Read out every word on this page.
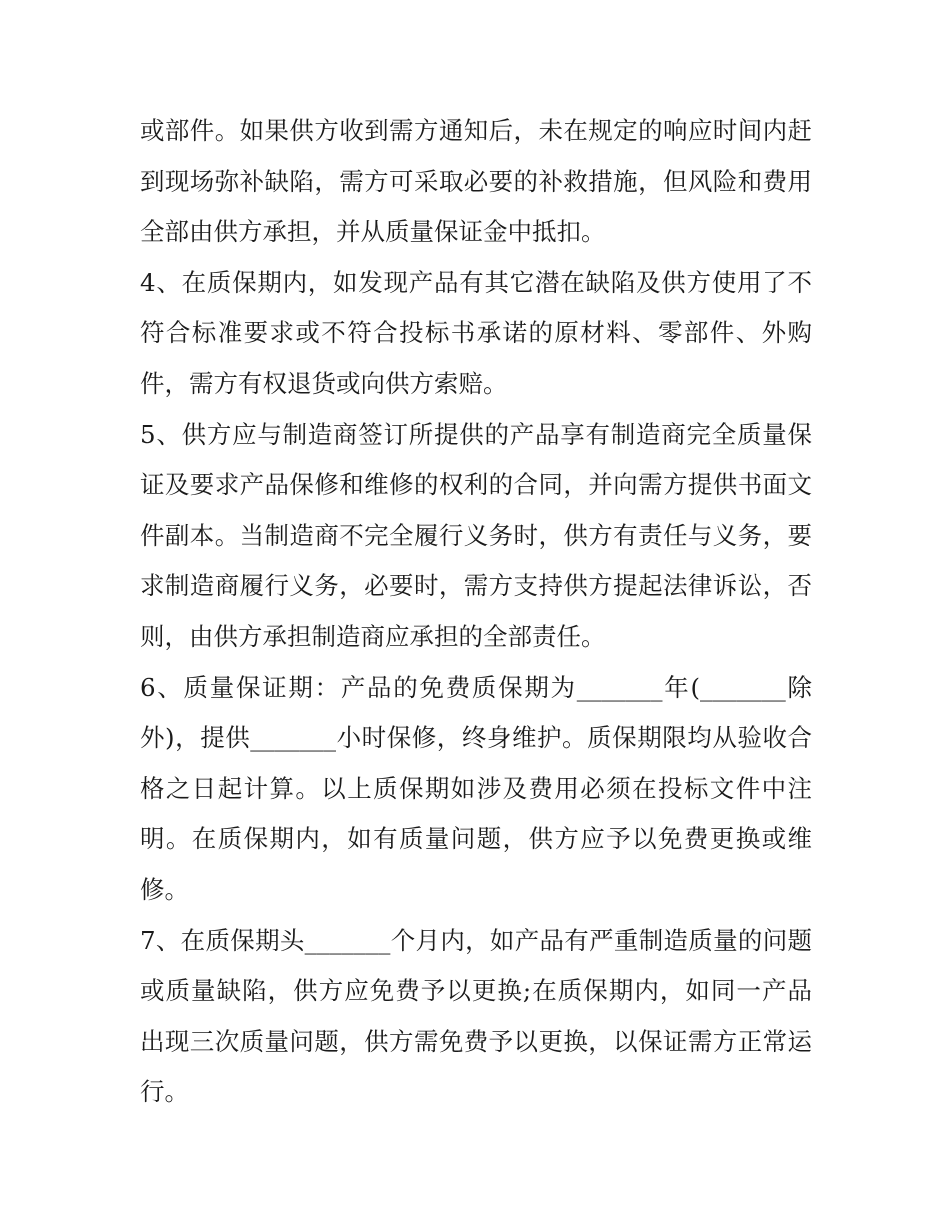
或部件。如果供方收到需方通知后，未在规定的响应时间内赶
到现场弥补缺陷，需方可采取必要的补救措施，但风险和费用
全部由供方承担，并从质量保证金中抵扣。
4、在质保期内，如发现产品有其它潜在缺陷及供方使用了不
符合标准要求或不符合投标书承诺的原材料、零部件、外购
件，需方有权退货或向供方索赔。
5、供方应与制造商签订所提供的产品享有制造商完全质量保
证及要求产品保修和维修的权利的合同，并向需方提供书面文
件副本。当制造商不完全履行义务时，供方有责任与义务，要
求制造商履行义务，必要时，需方支持供方提起法律诉讼，否
则，由供方承担制造商应承担的全部责任。
6、质量保证期：产品的免费质保期为_______年(_______除
外)，提供_______小时保修，终身维护。质保期限均从验收合
格之日起计算。以上质保期如涉及费用必须在投标文件中注
明。在质保期内，如有质量问题，供方应予以免费更换或维
修。
7、在质保期头_______个月内，如产品有严重制造质量的问题
或质量缺陷，供方应免费予以更换;在质保期内，如同一产品
出现三次质量问题，供方需免费予以更换，以保证需方正常运
行。
